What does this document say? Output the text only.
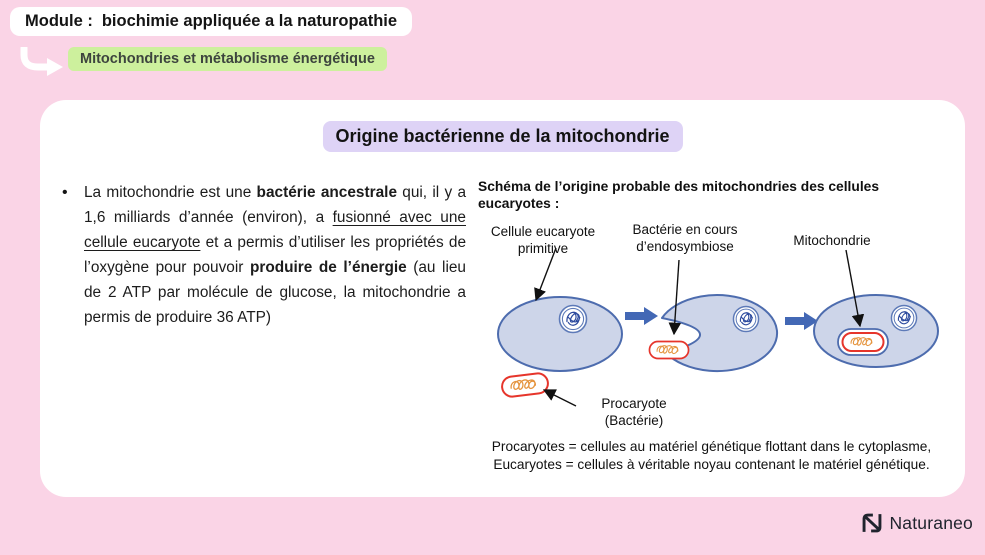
Module : biochimie appliquée a la naturopathie
Mitochondries et métabolisme énergétique
Origine bactérienne de la mitochondrie
•	La mitochondrie est une bactérie ancestrale qui, il y a 1,6 milliards d’année (environ), a fusionné avec une cellule eucaryote et a permis d’utiliser les propriétés de l’oxygène pour pouvoir produire de l’énergie (au lieu de 2 ATP par molécule de glucose, la mitochondrie a permis de produire 36 ATP)
Schéma de l’origine probable des mitochondries des cellules eucaryotes :
Cellule eucaryote primitive
Bactérie en cours d’endosymbiose	Mitochondrie
Procaryote (Bactérie)
Procaryotes = cellules au matériel génétique flottant dans le cytoplasme,
Eucaryotes = cellules à véritable noyau contenant le matériel génétique.
Naturaneo
